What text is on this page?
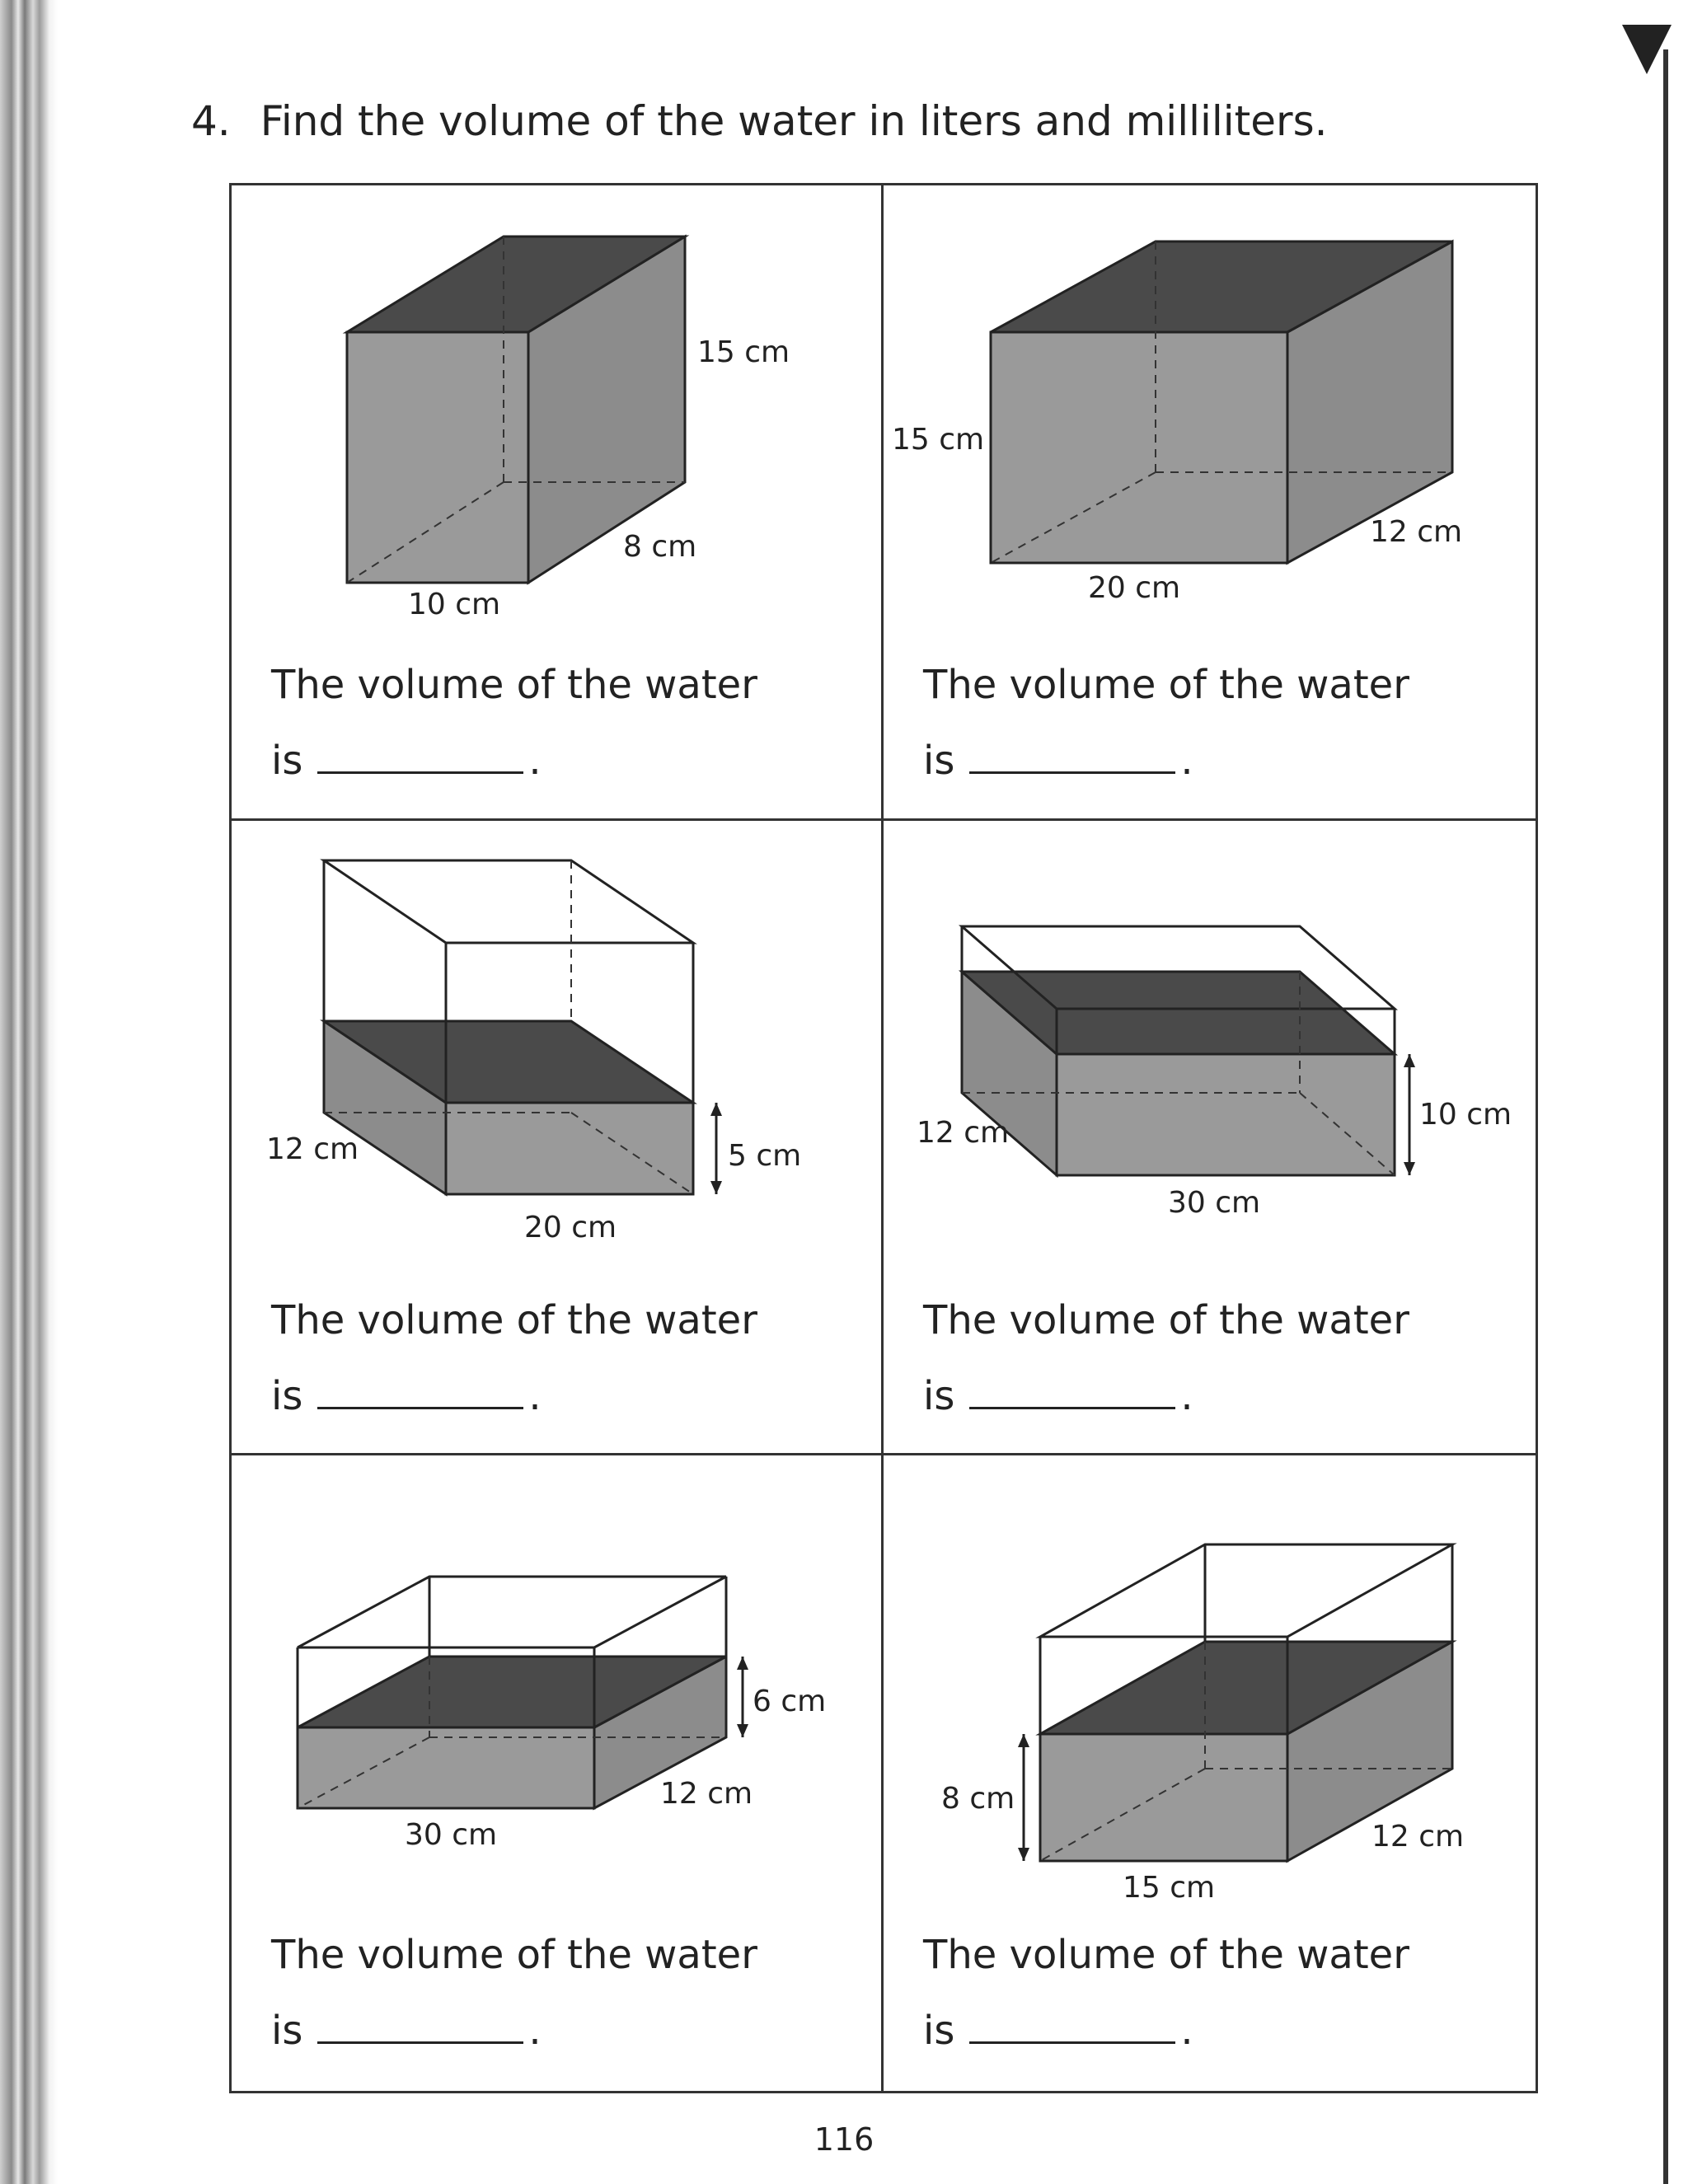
4. Find the volume of the water in liters and milliliters.
15 cm
8 cm
10 cm
The volume of the water
is	.
15 cm
12 cm
20 cm
The volume of the water
is	.
12 cm
20 cm
5 cm
The volume of the water
is	.
12 cm
30 cm
10 cm
The volume of the water
is	.
30 cm
12 cm
6 cm
The volume of the water
is	.
8 cm
15 cm
12 cm
The volume of the water
is	.
116
